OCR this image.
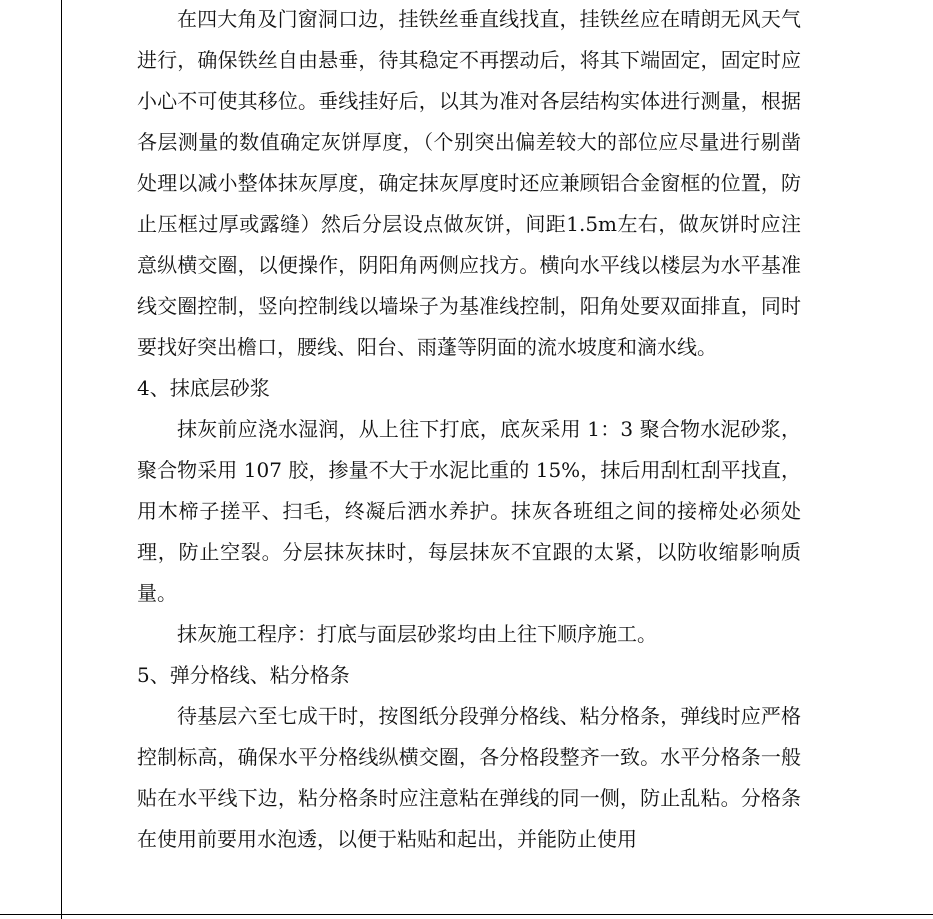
在四大角及门窗洞口边，挂铁丝垂直线找直，挂铁丝应在晴朗无风天气进行，确保铁丝自由悬垂，待其稳定不再摆动后，将其下端固定，固定时应小心不可使其移位。垂线挂好后，以其为准对各层结构实体进行测量，根据各层测量的数值确定灰饼厚度，（个别突出偏差较大的部位应尽量进行剔凿处理以减小整体抹灰厚度，确定抹灰厚度时还应兼顾铝合金窗框的位置，防止压框过厚或露缝）然后分层设点做灰饼，间距1.5m左右，做灰饼时应注意纵横交圈，以便操作，阴阳角两侧应找方。横向水平线以楼层为水平基准线交圈控制，竖向控制线以墙垛子为基准线控制，阳角处要双面排直，同时要找好突出檐口，腰线、阳台、雨蓬等阴面的流水坡度和滴水线。

4、抹底层砂浆

抹灰前应浇水湿润，从上往下打底，底灰采用 1：3 聚合物水泥砂浆，聚合物采用 107 胶，掺量不大于水泥比重的 15%，抹后用刮杠刮平找直，用木楴子搓平、扫毛，终凝后洒水养护。抹灰各班组之间的接楴处必须处理，防止空裂。分层抹灰抹时，每层抹灰不宜跟的太紧，以防收缩影响质量。

抹灰施工程序：打底与面层砂浆均由上往下顺序施工。

5、弹分格线、粘分格条

待基层六至七成干时，按图纸分段弹分格线、粘分格条，弹线时应严格控制标高，确保水平分格线纵横交圈，各分格段整齐一致。水平分格条一般贴在水平线下边，粘分格条时应注意粘在弹线的同一侧，防止乱粘。分格条在使用前要用水泡透，以便于粘贴和起出，并能防止使用
